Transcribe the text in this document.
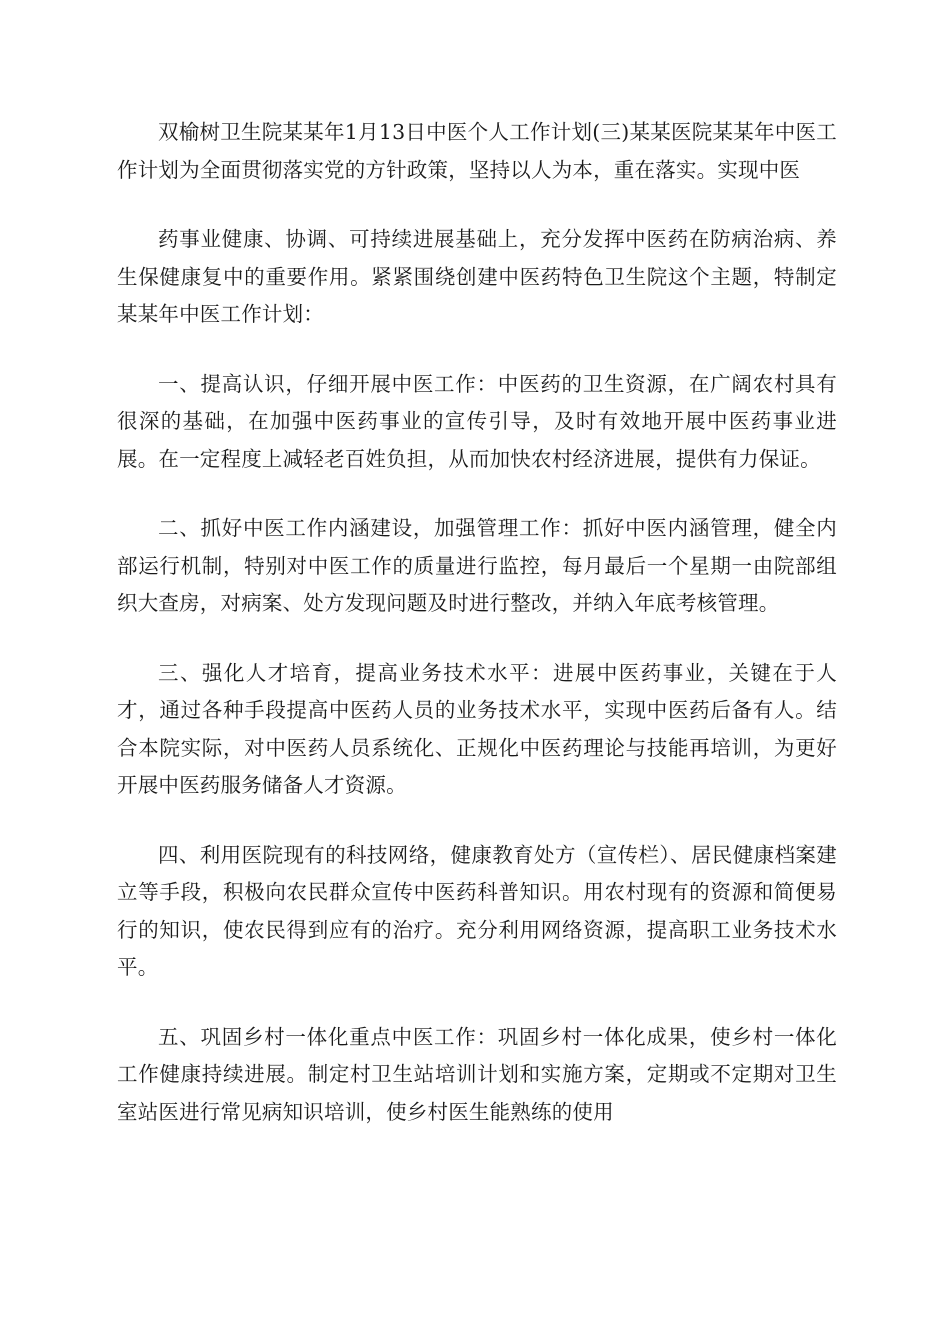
双榆树卫生院某某年1月13日中医个人工作计划(三)某某医院某某年中医工作计划为全面贯彻落实党的方针政策，坚持以人为本，重在落实。实现中医

药事业健康、协调、可持续进展基础上，充分发挥中医药在防病治病、养生保健康复中的重要作用。紧紧围绕创建中医药特色卫生院这个主题，特制定某某年中医工作计划：

一、提高认识，仔细开展中医工作：中医药的卫生资源，在广阔农村具有很深的基础，在加强中医药事业的宣传引导，及时有效地开展中医药事业进展。在一定程度上减轻老百姓负担，从而加快农村经济进展，提供有力保证。

二、抓好中医工作内涵建设，加强管理工作：抓好中医内涵管理，健全内部运行机制，特别对中医工作的质量进行监控，每月最后一个星期一由院部组织大查房，对病案、处方发现问题及时进行整改，并纳入年底考核管理。

三、强化人才培育，提高业务技术水平：进展中医药事业，关键在于人才，通过各种手段提高中医药人员的业务技术水平，实现中医药后备有人。结合本院实际，对中医药人员系统化、正规化中医药理论与技能再培训，为更好开展中医药服务储备人才资源。

四、利用医院现有的科技网络，健康教育处方（宣传栏）、居民健康档案建立等手段，积极向农民群众宣传中医药科普知识。用农村现有的资源和简便易行的知识，使农民得到应有的治疗。充分利用网络资源，提高职工业务技术水平。

五、巩固乡村一体化重点中医工作：巩固乡村一体化成果，使乡村一体化工作健康持续进展。制定村卫生站培训计划和实施方案，定期或不定期对卫生室站医进行常见病知识培训，使乡村医生能熟练的使用
